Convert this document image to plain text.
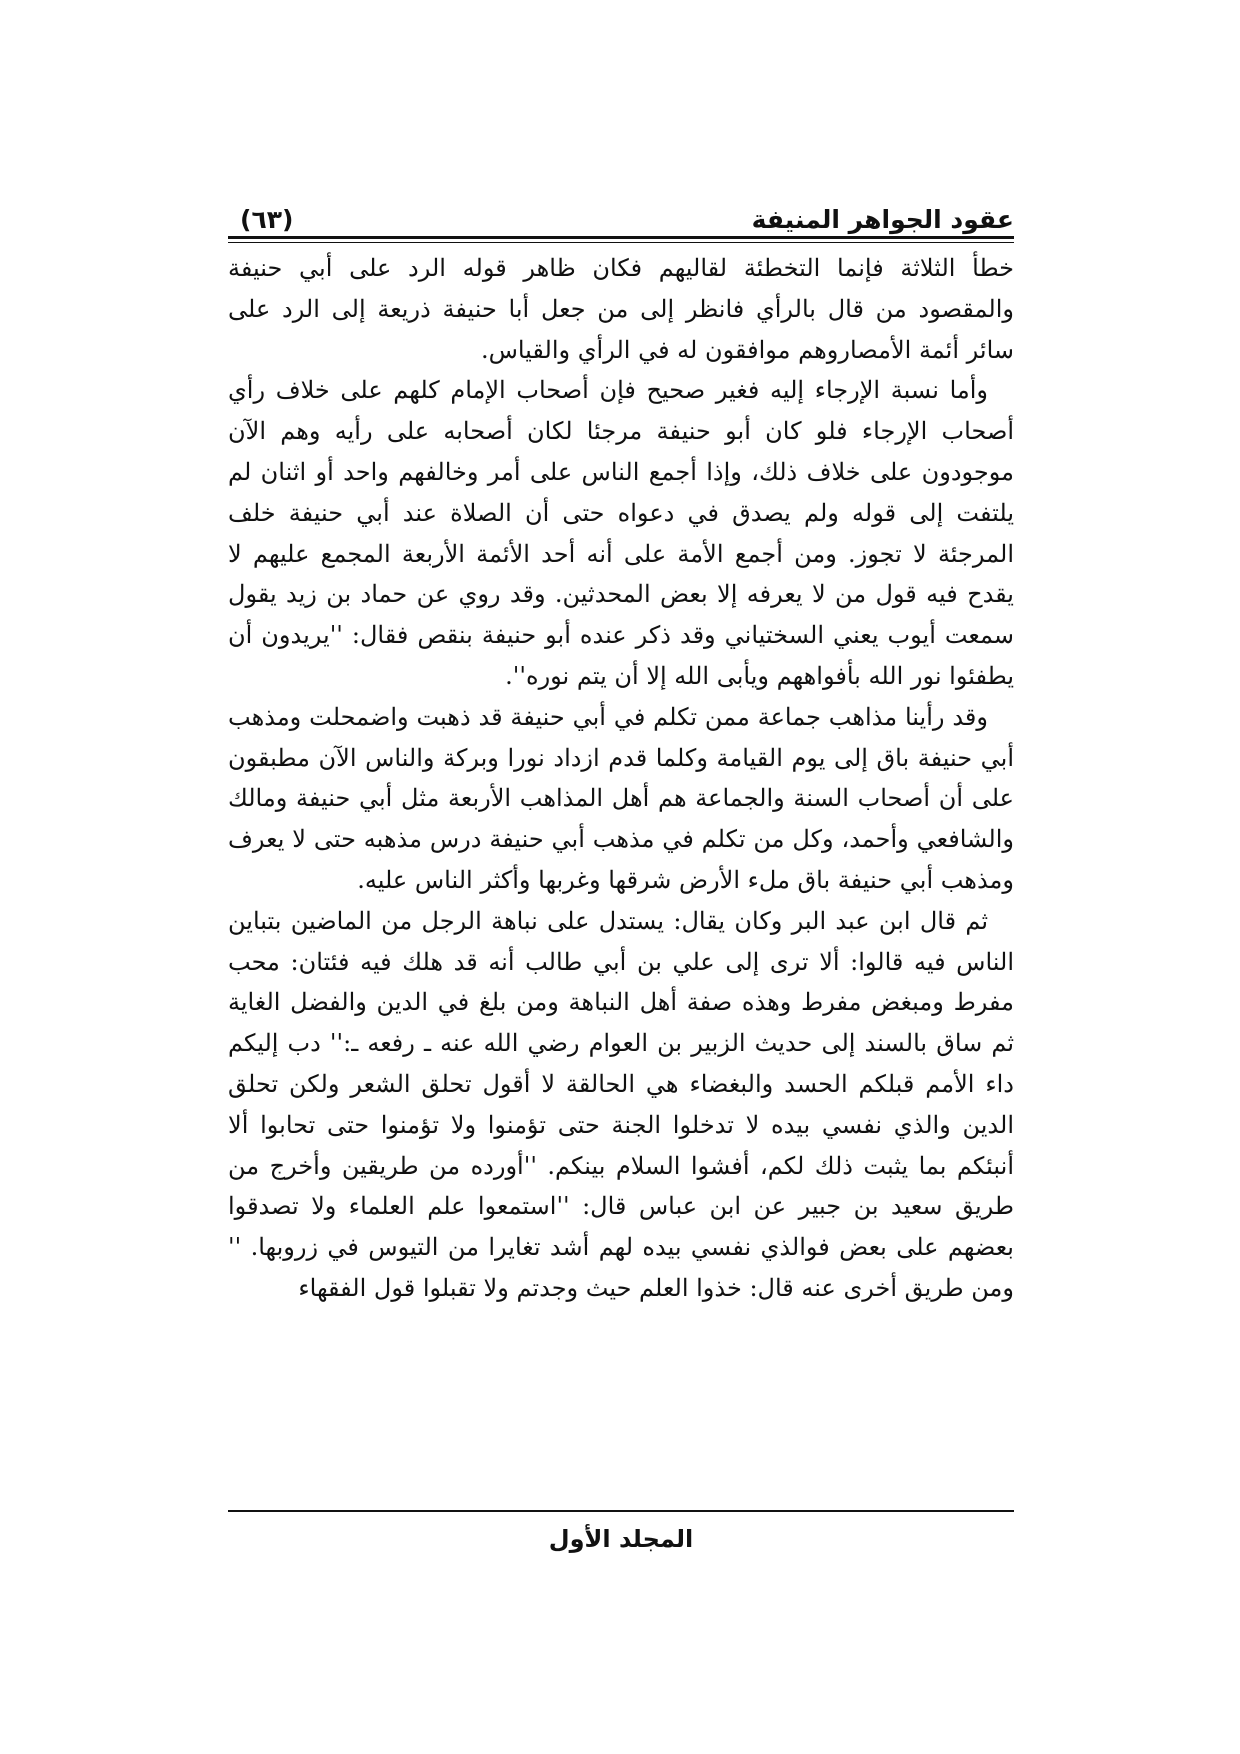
عقود الجواهر المنيفة
(٦٣)

خطأ الثلاثة فإنما التخطئة لقاليهم فكان ظاهر قوله الرد على أبي حنيفة والمقصود من قال بالرأي فانظر إلى من جعل أبا حنيفة ذريعة إلى الرد على سائر أئمة الأمصاروهم موافقون له في الرأي والقياس.

وأما نسبة الإرجاء إليه فغير صحيح فإن أصحاب الإمام كلهم على خلاف رأي أصحاب الإرجاء فلو كان أبو حنيفة مرجئا لكان أصحابه على رأيه وهم الآن موجودون على خلاف ذلك، وإذا أجمع الناس على أمر وخالفهم واحد أو اثنان لم يلتفت إلى قوله ولم يصدق في دعواه حتى أن الصلاة عند أبي حنيفة خلف المرجئة لا تجوز. ومن أجمع الأمة على أنه أحد الأئمة الأربعة المجمع عليهم لا يقدح فيه قول من لا يعرفه إلا بعض المحدثين. وقد روي عن حماد بن زيد يقول سمعت أيوب يعني السختياني وقد ذكر عنده أبو حنيفة بنقص فقال: ''يريدون أن يطفئوا نور الله بأفواههم ويأبى الله إلا أن يتم نوره''.

وقد رأينا مذاهب جماعة ممن تكلم في أبي حنيفة قد ذهبت واضمحلت ومذهب أبي حنيفة باق إلى يوم القيامة وكلما قدم ازداد نورا وبركة والناس الآن مطبقون على أن أصحاب السنة والجماعة هم أهل المذاهب الأربعة مثل أبي حنيفة ومالك والشافعي وأحمد، وكل من تكلم في مذهب أبي حنيفة درس مذهبه حتى لا يعرف ومذهب أبي حنيفة باق ملء الأرض شرقها وغربها وأكثر الناس عليه.

ثم قال ابن عبد البر وكان يقال: يستدل على نباهة الرجل من الماضين بتباين الناس فيه قالوا: ألا ترى إلى علي بن أبي طالب أنه قد هلك فيه فئتان: محب مفرط ومبغض مفرط وهذه صفة أهل النباهة ومن بلغ في الدين والفضل الغاية ثم ساق بالسند إلى حديث الزبير بن العوام رضي الله عنه ـ رفعه ـ:'' دب إليكم داء الأمم قبلكم الحسد والبغضاء هي الحالقة لا أقول تحلق الشعر ولكن تحلق الدين والذي نفسي بيده لا تدخلوا الجنة حتى تؤمنوا ولا تؤمنوا حتى تحابوا ألا أنبئكم بما يثبت ذلك لكم، أفشوا السلام بينكم. ''أورده من طريقين وأخرج من طريق سعيد بن جبير عن ابن عباس قال: ''استمعوا علم العلماء ولا تصدقوا بعضهم على بعض فوالذي نفسي بيده لهم أشد تغايرا من التيوس في زروبها. '' ومن طريق أخرى عنه قال: خذوا العلم حيث وجدتم ولا تقبلوا قول الفقهاء

المجلد الأول
